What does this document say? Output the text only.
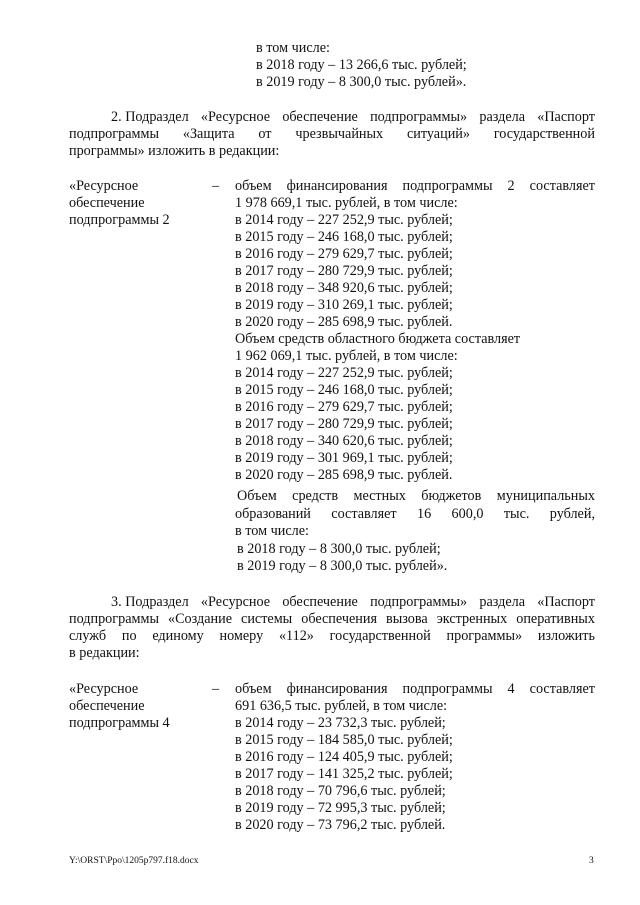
в том числе:
в 2018 году – 13 266,6 тыс. рублей;
в 2019 году – 8 300,0 тыс. рублей».
2. Подраздел «Ресурсное обеспечение подпрограммы» раздела «Паспорт
подпрограммы «Защита от чрезвычайных ситуаций» государственной
программы» изложить в редакции:
«Ресурсное
обеспечение
подпрограммы 2
– объем финансирования подпрограммы 2 составляет
1 978 669,1 тыс. рублей, в том числе:
в 2014 году – 227 252,9 тыс. рублей;
в 2015 году – 246 168,0 тыс. рублей;
в 2016 году – 279 629,7 тыс. рублей;
в 2017 году – 280 729,9 тыс. рублей;
в 2018 году – 348 920,6 тыс. рублей;
в 2019 году – 310 269,1 тыс. рублей;
в 2020 году – 285 698,9 тыс. рублей.
Объем средств областного бюджета составляет
1 962 069,1 тыс. рублей, в том числе:
в 2014 году – 227 252,9 тыс. рублей;
в 2015 году – 246 168,0 тыс. рублей;
в 2016 году – 279 629,7 тыс. рублей;
в 2017 году – 280 729,9 тыс. рублей;
в 2018 году – 340 620,6 тыс. рублей;
в 2019 году – 301 969,1 тыс. рублей;
в 2020 году – 285 698,9 тыс. рублей.
Объем средств местных бюджетов муниципальных
образований составляет 16 600,0 тыс. рублей,
в том числе:
в 2018 году – 8 300,0 тыс. рублей;
в 2019 году – 8 300,0 тыс. рублей».
3. Подраздел «Ресурсное обеспечение подпрограммы» раздела «Паспорт
подпрограммы «Создание системы обеспечения вызова экстренных оперативных
служб по единому номеру «112» государственной программы» изложить
в редакции:
«Ресурсное
обеспечение
подпрограммы 4
– объем финансирования подпрограммы 4 составляет
691 636,5 тыс. рублей, в том числе:
в 2014 году – 23 732,3 тыс. рублей;
в 2015 году – 184 585,0 тыс. рублей;
в 2016 году – 124 405,9 тыс. рублей;
в 2017 году – 141 325,2 тыс. рублей;
в 2018 году – 70 796,6 тыс. рублей;
в 2019 году – 72 995,3 тыс. рублей;
в 2020 году – 73 796,2 тыс. рублей.
Y:\ORST\Ppo\1205p797.f18.docx	3
